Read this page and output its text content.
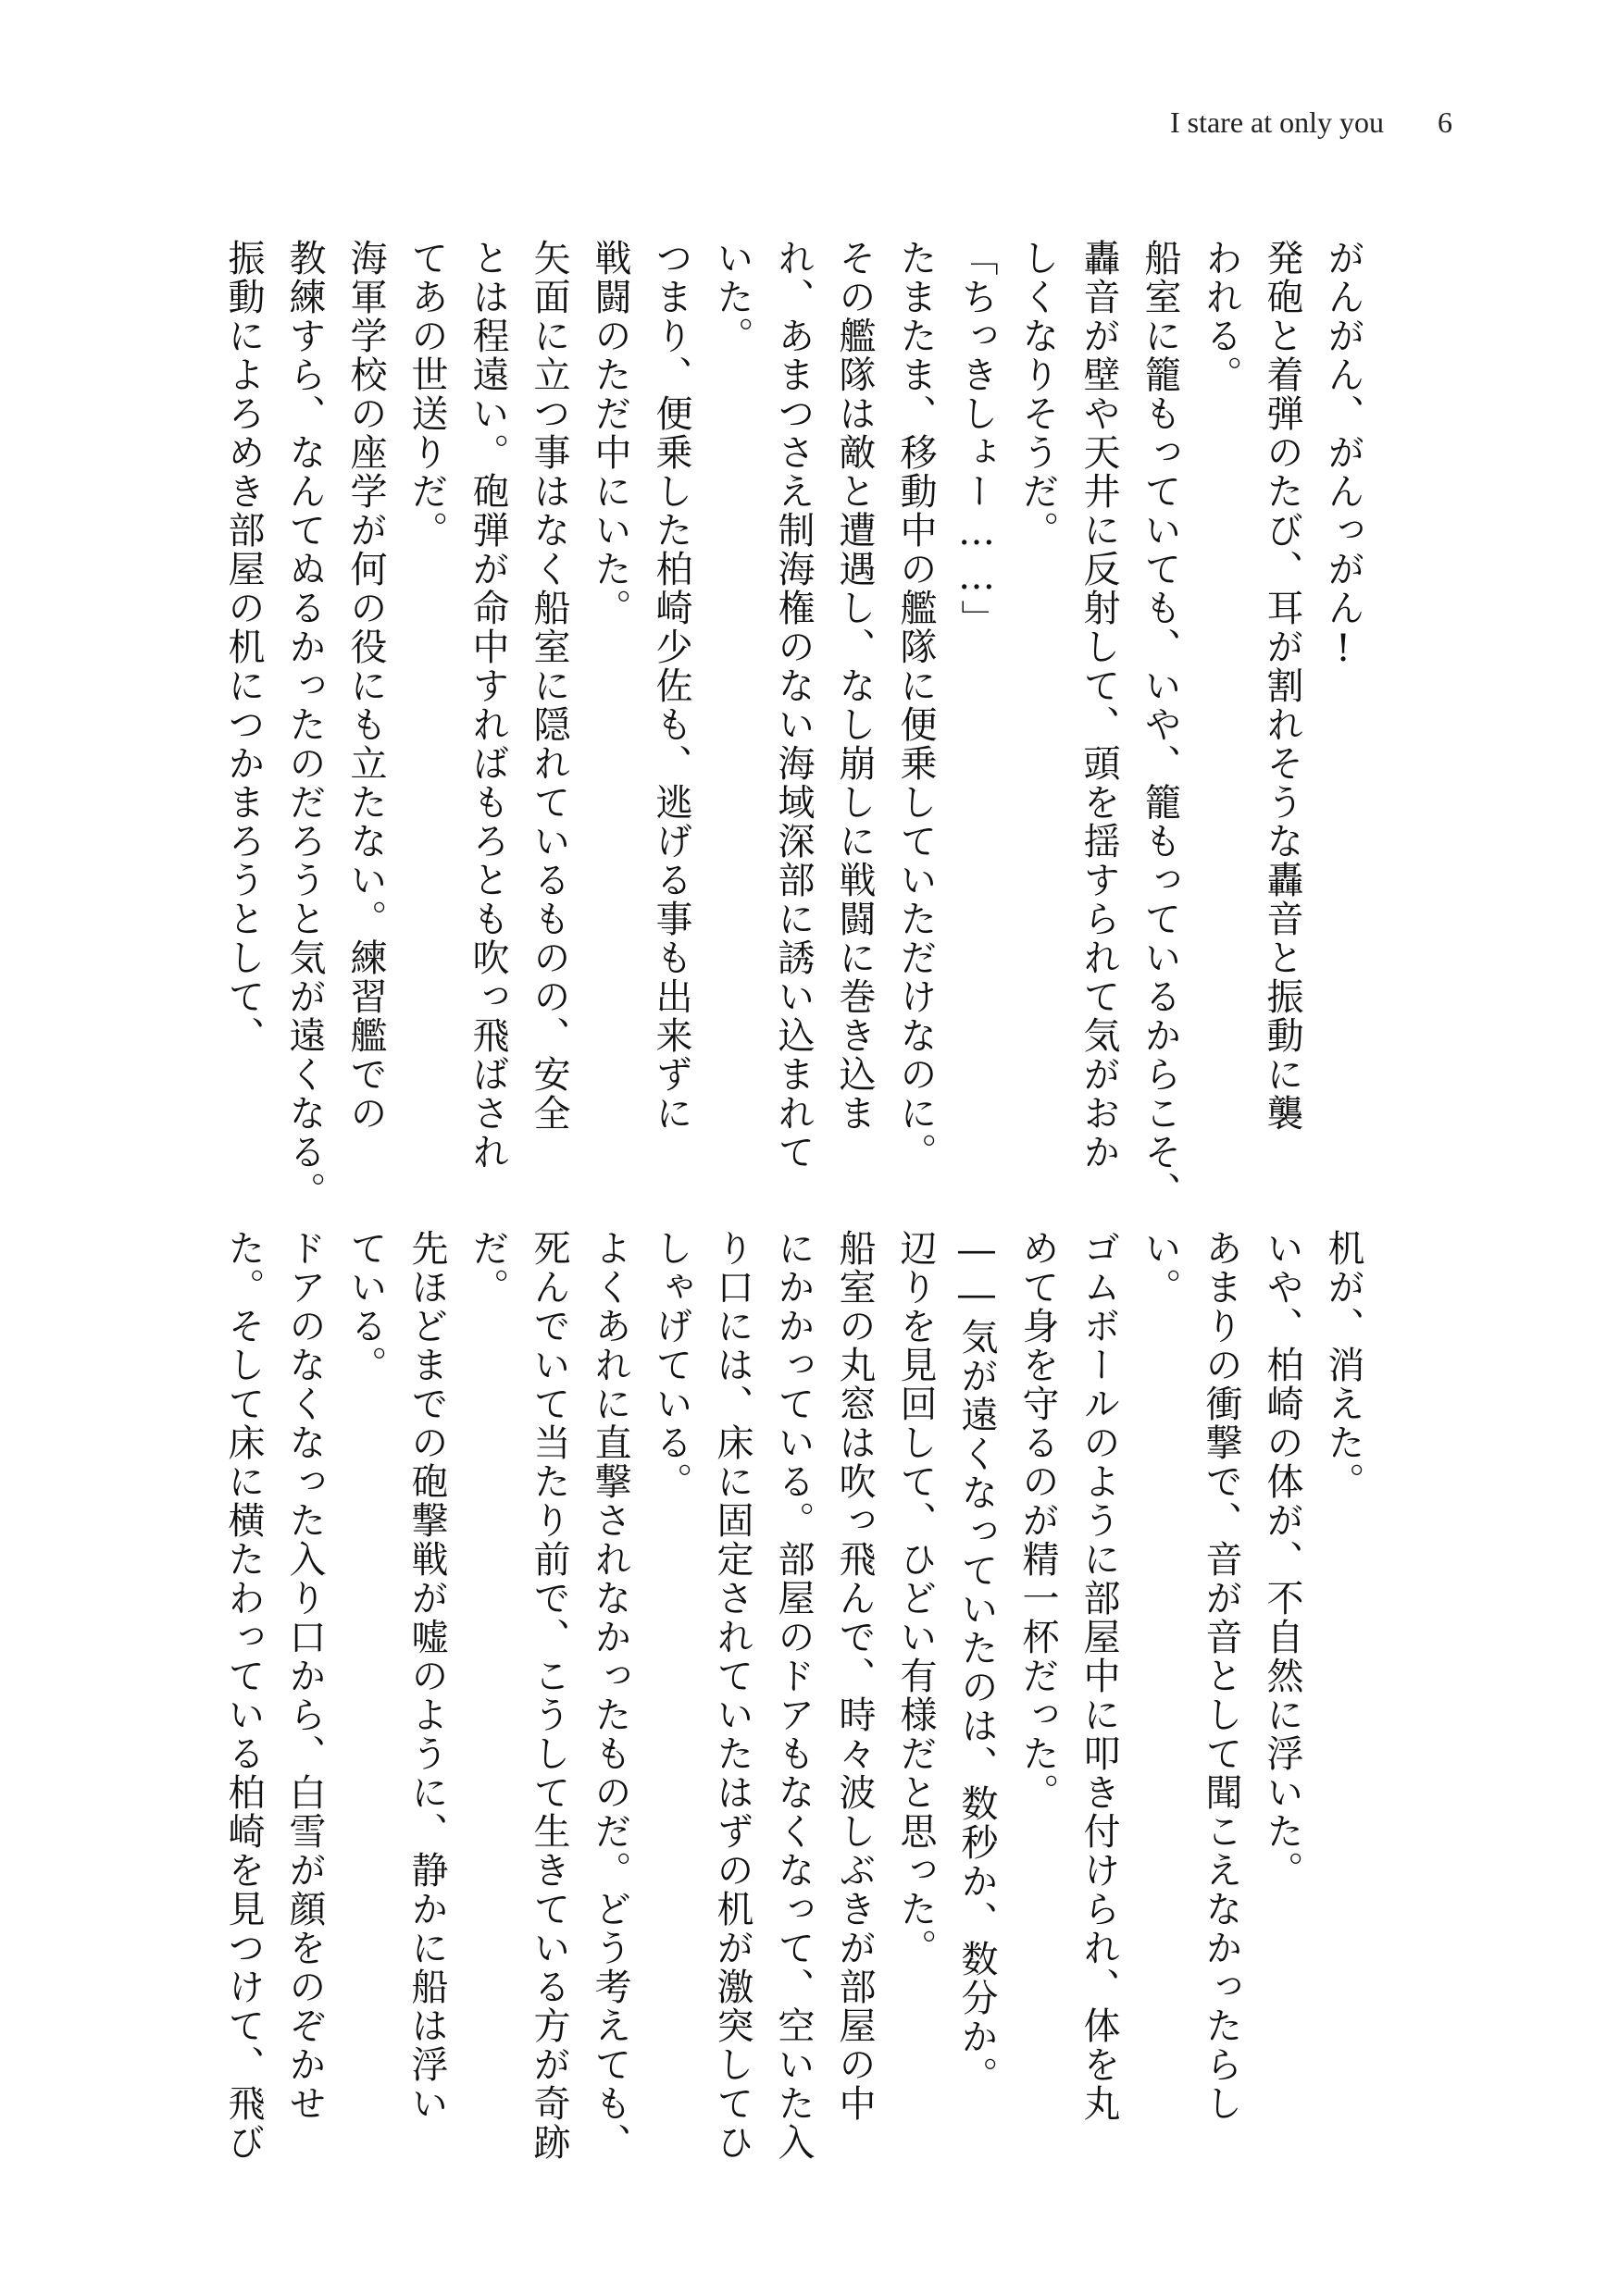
I stare at only you 6
がんがん、がんっがん!
発砲と着弾のたび、耳が割れそうな轟音と振動に襲
われる。
船室に籠もっていても、いや、籠もっているからこそ、
轟音が壁や天井に反射して、頭を揺すられて気がおか
しくなりそうだ。
「ちっきしょー……」
たまたま、移動中の艦隊に便乗していただけなのに。
その艦隊は敵と遭遇し、なし崩しに戦闘に巻き込ま
れ、あまつさえ制海権のない海域深部に誘い込まれて
いた。
つまり、便乗した柏崎少佐も、逃げる事も出来ずに
戦闘のただ中にいた。
矢面に立つ事はなく船室に隠れているものの、安全
とは程遠い。砲弾が命中すればもろとも吹っ飛ばされ
てあの世送りだ。
海軍学校の座学が何の役にも立たない。練習艦での
教練すら、なんてぬるかったのだろうと気が遠くなる。
振動によろめき部屋の机につかまろうとして、
机が、消えた。
いや、柏崎の体が、不自然に浮いた。
あまりの衝撃で、音が音として聞こえなかったらし
い。
ゴムボールのように部屋中に叩き付けられ、体を丸
めて身を守るのが精一杯だった。
――気が遠くなっていたのは、数秒か、数分か。
辺りを見回して、ひどい有様だと思った。
船室の丸窓は吹っ飛んで、時々波しぶきが部屋の中
にかかっている。部屋のドアもなくなって、空いた入
り口には、床に固定されていたはずの机が激突してひ
しゃげている。
よくあれに直撃されなかったものだ。どう考えても、
死んでいて当たり前で、こうして生きている方が奇跡
だ。
先ほどまでの砲撃戦が嘘のように、静かに船は浮い
ている。
ドアのなくなった入り口から、白雪が顔をのぞかせ
た。そして床に横たわっている柏崎を見つけて、飛び
